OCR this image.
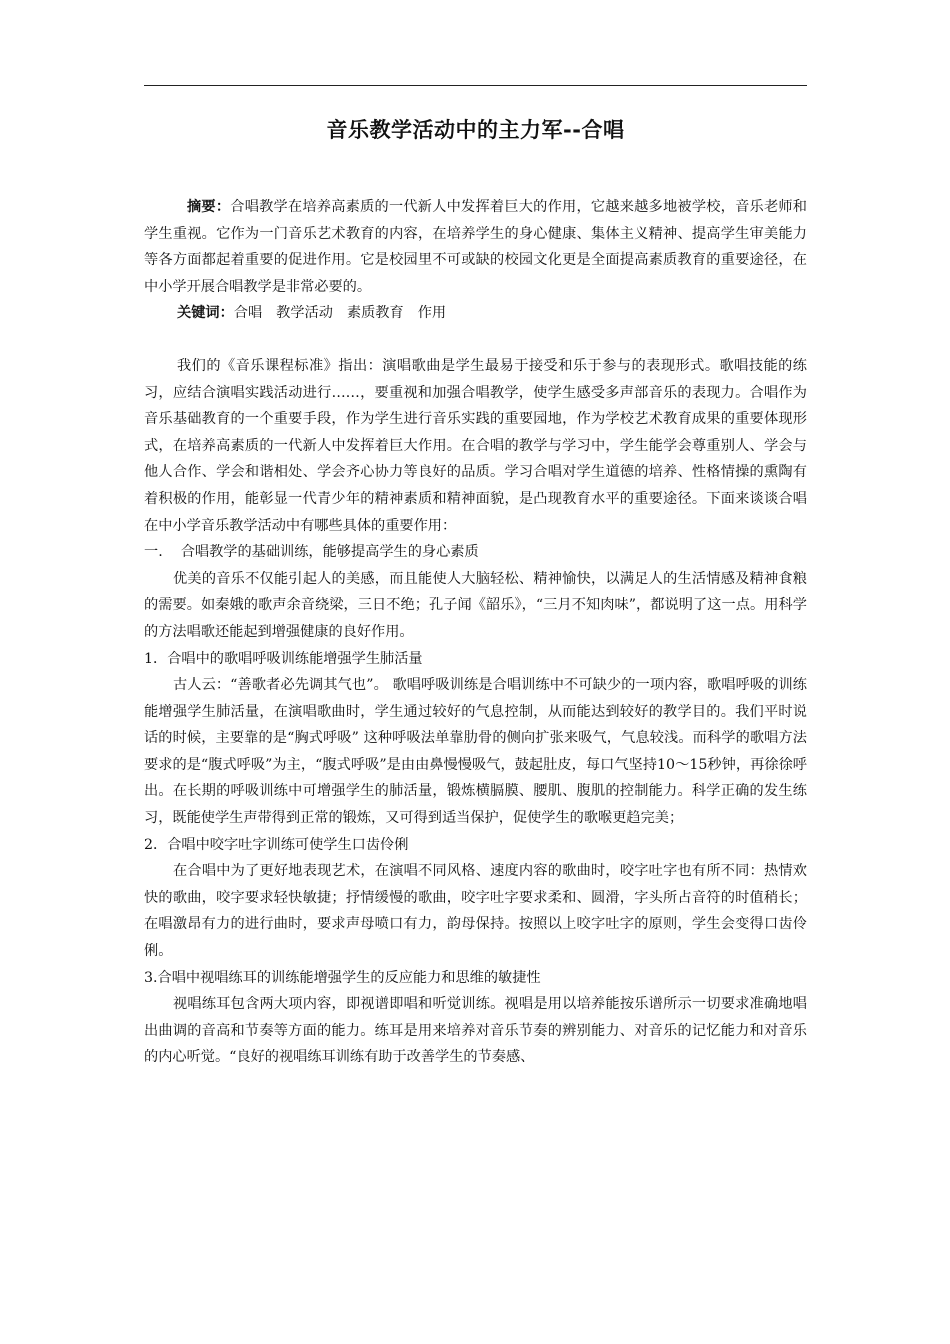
音乐教学活动中的主力军--合唱

摘要：合唱教学在培养高素质的一代新人中发挥着巨大的作用，它越来越多地被学校，音乐老师和学生重视。它作为一门音乐艺术教育的内容，在培养学生的身心健康、集体主义精神、提高学生审美能力等各方面都起着重要的促进作用。它是校园里不可或缺的校园文化更是全面提高素质教育的重要途径，在中小学开展合唱教学是非常必要的。

关键词：合唱 教学活动 素质教育 作用

我们的《音乐课程标准》指出：演唱歌曲是学生最易于接受和乐于参与的表现形式。歌唱技能的练习，应结合演唱实践活动进行……，要重视和加强合唱教学，使学生感受多声部音乐的表现力。合唱作为音乐基础教育的一个重要手段，作为学生进行音乐实践的重要园地，作为学校艺术教育成果的重要体现形式，在培养高素质的一代新人中发挥着巨大作用。在合唱的教学与学习中，学生能学会尊重别人、学会与他人合作、学会和谐相处、学会齐心协力等良好的品质。学习合唱对学生道德的培养、性格情操的熏陶有着积极的作用，能彰显一代青少年的精神素质和精神面貌，是凸现教育水平的重要途径。下面来谈谈合唱在中小学音乐教学活动中有哪些具体的重要作用：

一.    合唱教学的基础训练，能够提高学生的身心素质

优美的音乐不仅能引起人的美感，而且能使人大脑轻松、精神愉快，以满足人的生活情感及精神食粮的需要。如秦娥的歌声余音绕梁，三日不绝；孔子闻《韶乐》，“三月不知肉味”，都说明了这一点。用科学的方法唱歌还能起到增强健康的良好作用。

1．合唱中的歌唱呼吸训练能增强学生肺活量

古人云：“善歌者必先调其气也”。 歌唱呼吸训练是合唱训练中不可缺少的一项内容，歌唱呼吸的训练能增强学生肺活量，在演唱歌曲时，学生通过较好的气息控制，从而能达到较好的教学目的。我们平时说话的时候，主要靠的是“胸式呼吸” 这种呼吸法单靠肋骨的侧向扩张来吸气，气息较浅。而科学的歌唱方法要求的是“腹式呼吸”为主，“腹式呼吸”是由由鼻慢慢吸气，鼓起肚皮，每口气坚持10～15秒钟，再徐徐呼出。在长期的呼吸训练中可增强学生的肺活量，锻炼横膈膜、腰肌、腹肌的控制能力。科学正确的发生练习，既能使学生声带得到正常的锻炼，又可得到适当保护，促使学生的歌喉更趋完美；

2．合唱中咬字吐字训练可使学生口齿伶俐

在合唱中为了更好地表现艺术，在演唱不同风格、速度内容的歌曲时，咬字吐字也有所不同：热情欢快的歌曲，咬字要求轻快敏捷；抒情缓慢的歌曲，咬字吐字要求柔和、圆滑，字头所占音符的时值稍长；在唱激昂有力的进行曲时，要求声母喷口有力，韵母保持。按照以上咬字吐字的原则，学生会变得口齿伶俐。

3.合唱中视唱练耳的训练能增强学生的反应能力和思维的敏捷性

视唱练耳包含两大项内容，即视谱即唱和听觉训练。视唱是用以培养能按乐谱所示一切要求准确地唱出曲调的音高和节奏等方面的能力。练耳是用来培养对音乐节奏的辨别能力、对音乐的记忆能力和对音乐的内心听觉。“良好的视唱练耳训练有助于改善学生的节奏感、
